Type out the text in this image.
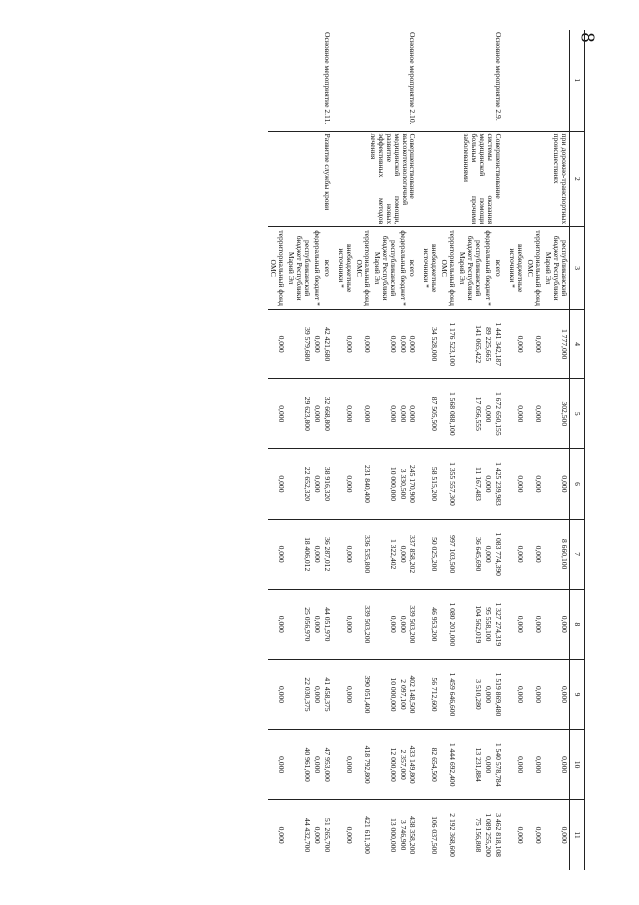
8
1	2	3	4	5	6	7	8	9	10	11
	при дорожно-транспортных происшествиях	республиканский бюджет Республики Марий Эл	1 777,000	302,500	0,000	8 660,100	0,000	0,000	0,000	0,000
		территориальный фонд ОМС	0,000	0,000	0,000	0,000	0,000	0,000	0,000	0,000
		внебюджетные источники *	0,000	0,000	0,000	0,000	0,000	0,000	0,000	0,000
Основное мероприятие 2.9.	Совершенствование системы оказания медицинской помощи больным прочими заболеваниями	всего	1 441 342,187	1 672 650,155	1 425 239,983	1 083 774,390	1 327 274,319	1 519 869,480	1 540 578,784	3 462 818,108
		федеральный бюджет *	89 225,665	0,000	0,000	0,000	95 558,100	0,000	0,000	1 089 255,200
		республиканский бюджет Республики Марий Эл	141 065,422	17 056,555	11 167,483	36 645,690	104 562,019	3 510,280	13 231,884	75 156,808
		территориальный фонд ОМС	1 176 523,100	1 568 088,100	1 355 557,300	997 103,500	1 080 201,000	1 459 646,600	1 444 692,400	2 192 368,600
		внебюджетные источники *	34 528,000	87 505,500	58 515,200	50 025,200	46 953,200	56 712,600	82 654,500	106 037,500
Основное мероприятие 2.10.	Совершенствование высокотехнологичной медицинской помощи, развитие новых эффективных методов лечения	всего	0,000	0,000	245 170,900	337 858,202	339 503,200	402 148,500	433 149,800	438 358,200
		федеральный бюджет *	0,000	0,000	3 330,500	0,000	0,000	2 097,100	2 357,000	3 746,900
		республиканский бюджет Республики Марий Эл	0,000	0,000	10 000,000	1 322,402	0,000	10 000,000	12 000,000	13 000,000
		территориальный фонд ОМС	0,000	0,000	231 840,400	336 535,800	339 503,200	390 051,400	418 792,800	421 611,300
		внебюджетные источники *	0,000	0,000	0,000	0,000	0,000	0,000	0,000	0,000
Основное мероприятие 2.11.	Развитие службы крови	всего	42 421,680	32 668,800	38 916,320	36 287,012	44 051,970	41 458,375	47 953,000	51 265,700
		федеральный бюджет *	0,000	0,000	0,000	0,000	0,000	0,000	0,000	0,000
		республиканский бюджет Республики Марий Эл	39 579,680	29 623,800	22 652,320	18 406,012	25 056,970	22 030,375	40 961,000	44 432,700
		территориальный фонд ОМС	0,000	0,000	0,000	0,000	0,000	0,000	0,000	0,000
